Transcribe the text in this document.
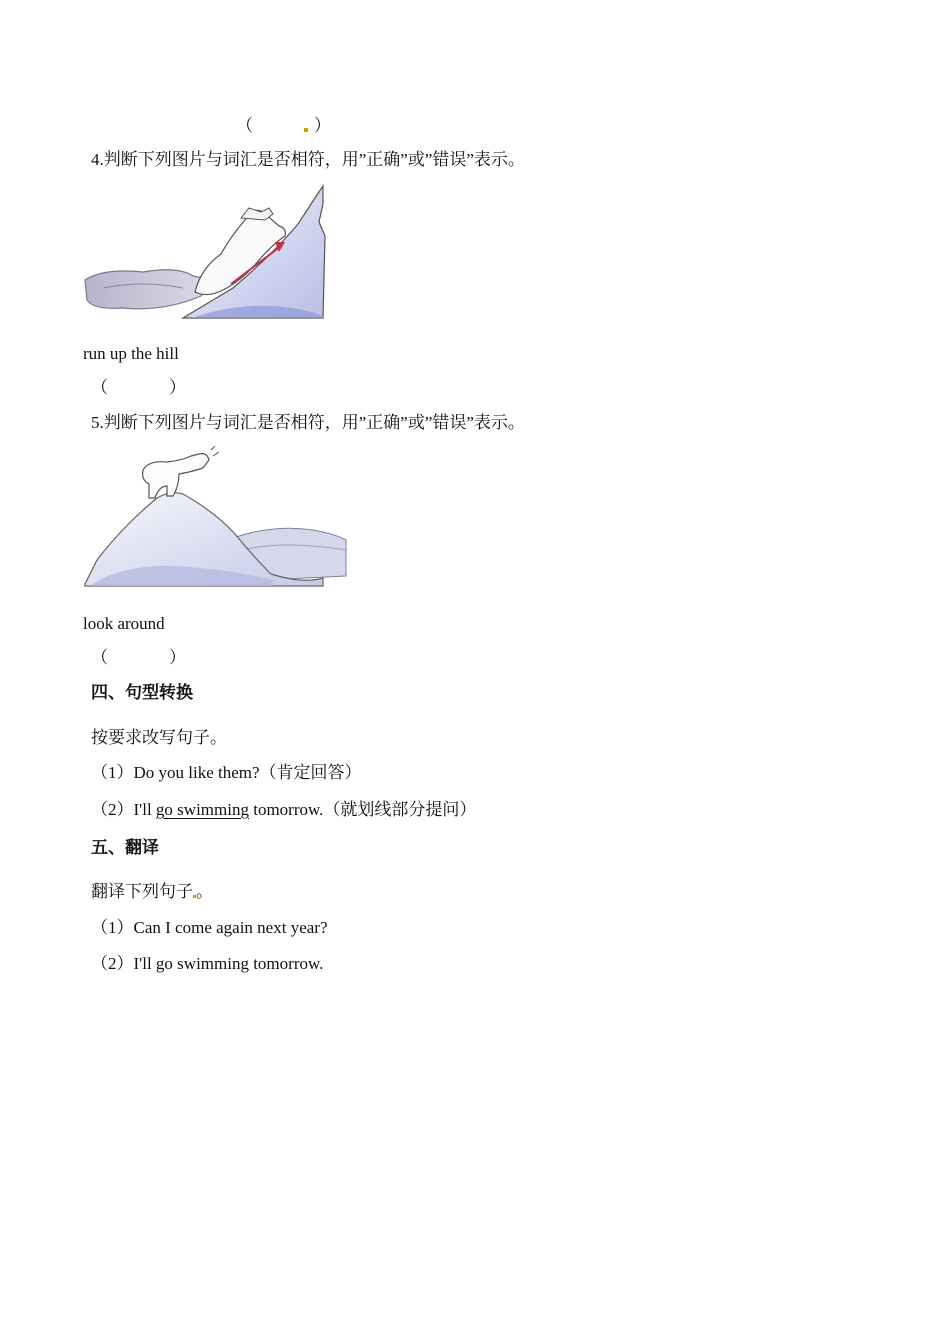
（	）
4.判断下列图片与词汇是否相符，用”正确”或”错误”表示。
run up the hill
（	）
5.判断下列图片与词汇是否相符，用”正确”或”错误”表示。
look around
（	）
四、句型转换
按要求改写句子。
（1）Do you like them?（肯定回答）
（2）I'll go swimming tomorrow.（就划线部分提问）
五、翻译
翻译下列句子 。
（1）Can I come again next year?
（2）I'll go swimming tomorrow.
